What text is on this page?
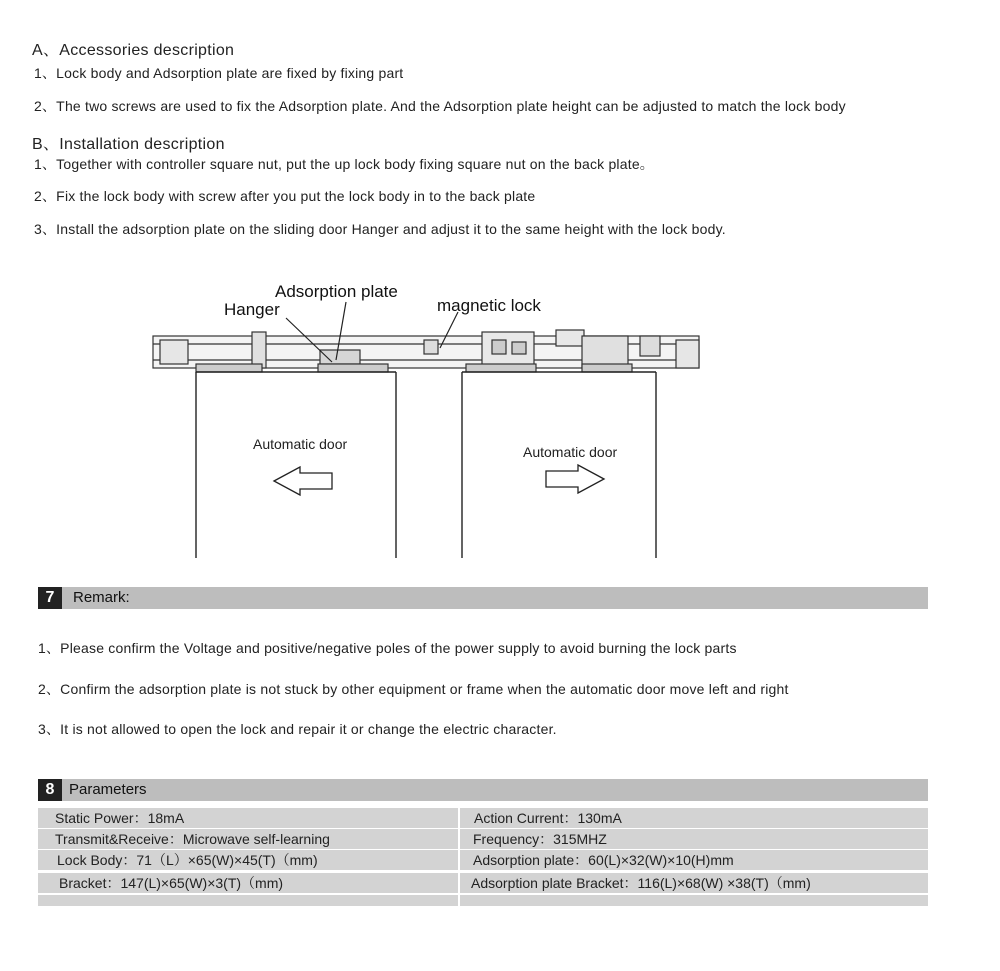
A、Accessories description
1、Lock body and Adsorption plate are fixed by fixing part
2、The two screws are used to fix the Adsorption plate. And the Adsorption plate height can be adjusted to match the lock body
B、Installation description
1、Together with controller square nut, put the up lock body fixing square nut on the back plate。
2、Fix the lock body with screw after you put the lock body in to the back plate
3、Install the adsorption plate on the sliding door Hanger and adjust it to the same height with the lock body.
Adsorption plate
Hanger	magnetic lock
Automatic door	Automatic door
7	Remark:
1、Please confirm the Voltage and positive/negative poles of the power supply to avoid burning the lock parts
2、Confirm the adsorption plate is not stuck by other equipment or frame when the automatic door move left and right
3、It is not allowed to open the lock and repair it or change the electric character.
8 Parameters
Static Power：18mA	Action Current：130mA
Transmit&Receive：Microwave self-learning	Frequency：315MHZ
Lock Body：71（L）×65(W)×45(T)（mm)	Adsorption plate：60(L)×32(W)×10(H)mm
Bracket：147(L)×65(W)×3(T)（mm)	Adsorption plate Bracket：116(L)×68(W) ×38(T)（mm)
